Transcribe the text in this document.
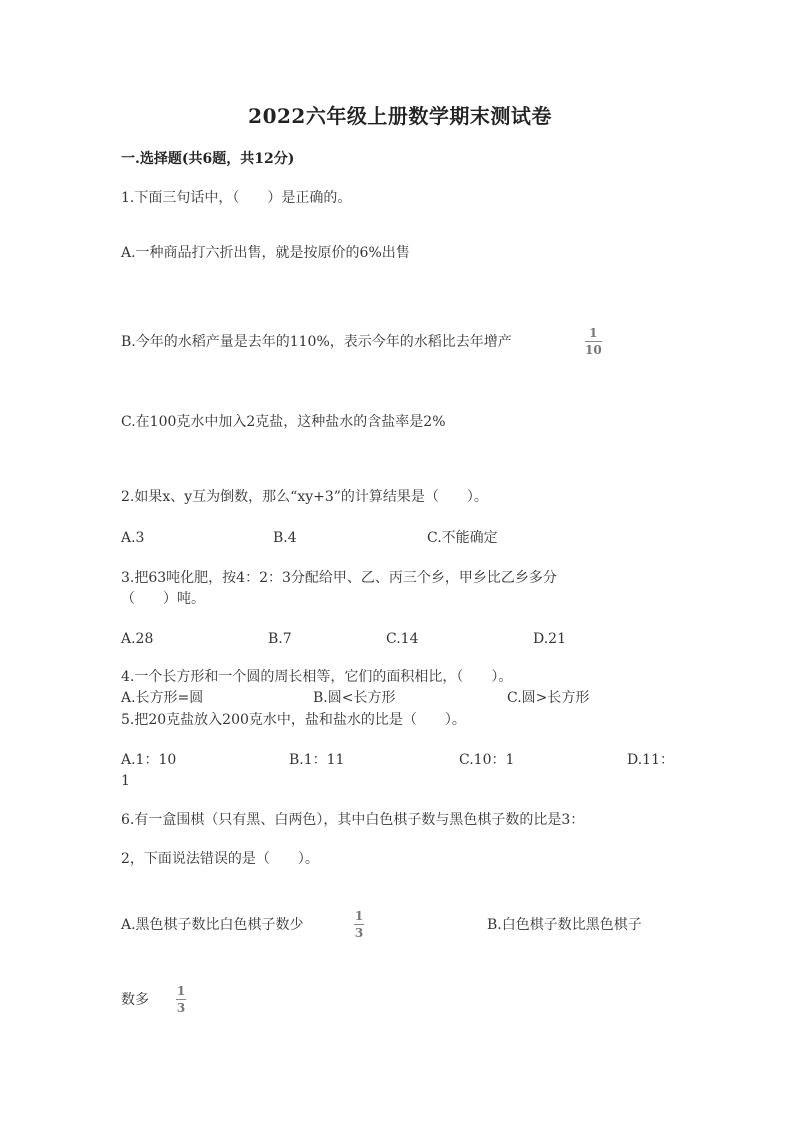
2022六年级上册数学期末测试卷
一.选择题(共6题，共12分)
1.下面三句话中，（　　）是正确的。
A.一种商品打六折出售，就是按原价的6%出售
B.今年的水稻产量是去年的110%，表示今年的水稻比去年增产
1
10
C.在100克水中加入2克盐，这种盐水的含盐率是2%
2.如果x、y互为倒数，那么“xy+3”的计算结果是（　　）。
A.3	B.4	C.不能确定
3.把63吨化肥，按4：2：3分配给甲、乙、丙三个乡，甲乡比乙乡多分
（　　）吨。
A.28	B.7	C.14	D.21
4.一个长方形和一个圆的周长相等，它们的面积相比，（　　）。
A.长方形=圆	B.圆<长方形	C.圆>长方形
5.把20克盐放入200克水中，盐和盐水的比是（　　）。
A.1：10	B.1：11	C.10：1	D.11：
1
6.有一盒围棋（只有黑、白两色），其中白色棋子数与黑色棋子数的比是3：
2，下面说法错误的是（　　）。
A.黑色棋子数比白色棋子数少
1
3	B.白色棋子数比黑色棋子
数多
1
3
